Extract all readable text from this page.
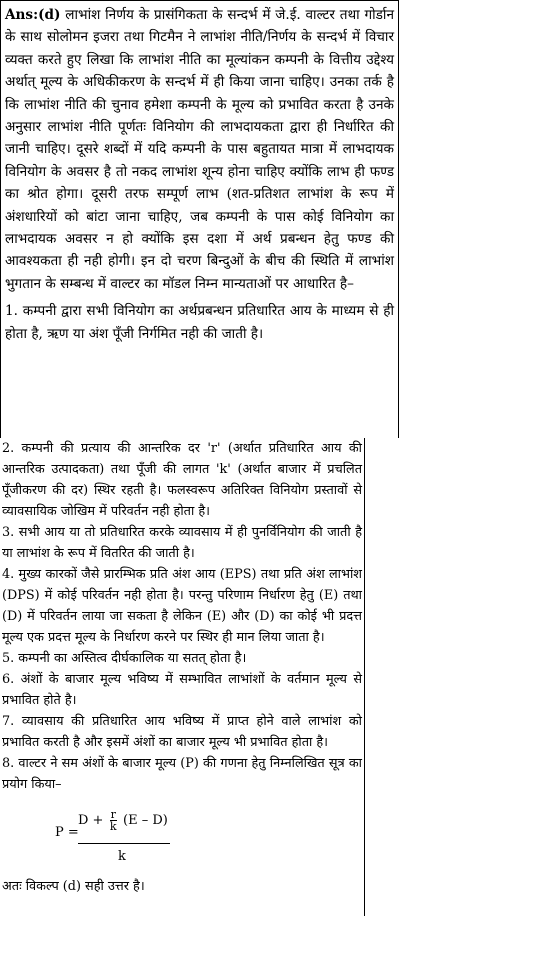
Ans:(d) लाभांश निर्णय के प्रासंगिकता के सन्दर्भ में जे.ई. वाल्टर तथा गोर्डान के साथ सोलोमन इजरा तथा गिटमैन ने लाभांश नीति/निर्णय के सन्दर्भ में विचार व्यक्त करते हुए लिखा कि लाभांश नीति का मूल्यांकन कम्पनी के वित्तीय उद्देश्य अर्थात् मूल्य के अधिकीकरण के सन्दर्भ में ही किया जाना चाहिए। उनका तर्क है कि लाभांश नीति की चुनाव हमेशा कम्पनी के मूल्य को प्रभावित करता है उनके अनुसार लाभांश नीति पूर्णतः विनियोग की लाभदायकता द्वारा ही निर्धारित की जानी चाहिए। दूसरे शब्दों में यदि कम्पनी के पास बहुतायत मात्रा में लाभदायक विनियोग के अवसर है तो नकद लाभांश शून्य होना चाहिए क्योंकि लाभ ही फण्ड का श्रोत होगा। दूसरी तरफ सम्पूर्ण लाभ (शत-प्रतिशत लाभांश के रूप में अंशधारियों को बांटा जाना चाहिए, जब कम्पनी के पास कोई विनियोग का लाभदायक अवसर न हो क्योंकि इस दशा में अर्थ प्रबन्धन हेतु फण्ड की आवश्यकता ही नही होगी। इन दो चरण बिन्दुओं के बीच की स्थिति में लाभांश भुगतान के सम्बन्ध में वाल्टर का मॉडल निम्न मान्यताओं पर आधारित है–

1. कम्पनी द्वारा सभी विनियोग का अर्थप्रबन्धन प्रतिधारित आय के माध्यम से ही होता है, ऋण या अंश पूँजी निर्गमित नही की जाती है।

2. कम्पनी की प्रत्याय की आन्तरिक दर 'r' (अर्थात प्रतिधारित आय की आन्तरिक उत्पादकता) तथा पूँजी की लागत 'k' (अर्थात बाजार में प्रचलित पूँजीकरण की दर) स्थिर रहती है। फलस्वरूप अतिरिक्त विनियोग प्रस्तावों से व्यावसायिक जोखिम में परिवर्तन नही होता है।

3. सभी आय या तो प्रतिधारित करके व्यावसाय में ही पुनर्विनियोग की जाती है या लाभांश के रूप में वितरित की जाती है।

4. मुख्य कारकों जैसे प्रारम्भिक प्रति अंश आय (EPS) तथा प्रति अंश लाभांश (DPS) में कोई परिवर्तन नही होता है। परन्तु परिणाम निर्धारण हेतु (E) तथा (D) में परिवर्तन लाया जा सकता है लेकिन (E) और (D) का कोई भी प्रदत्त मूल्य एक प्रदत्त मूल्य के निर्धारण करने पर स्थिर ही मान लिया जाता है।

5. कम्पनी का अस्तित्व दीर्घकालिक या सतत् होता है।

6. अंशों के बाजार मूल्य भविष्य में सम्भावित लाभांशों के वर्तमान मूल्य से प्रभावित होते है।

7. व्यावसाय की प्रतिधारित आय भविष्य में प्राप्त होने वाले लाभांश को प्रभावित करती है और इसमें अंशों का बाजार मूल्य भी प्रभावित होता है।

8. वाल्टर ने सम अंशों के बाजार मूल्य (P) की गणना हेतु निम्नलिखित सूत्र का प्रयोग किया–

P =
$D + \frac{r}{k} (E - D)$
k

अतः विकल्प (d) सही उत्तर है।
